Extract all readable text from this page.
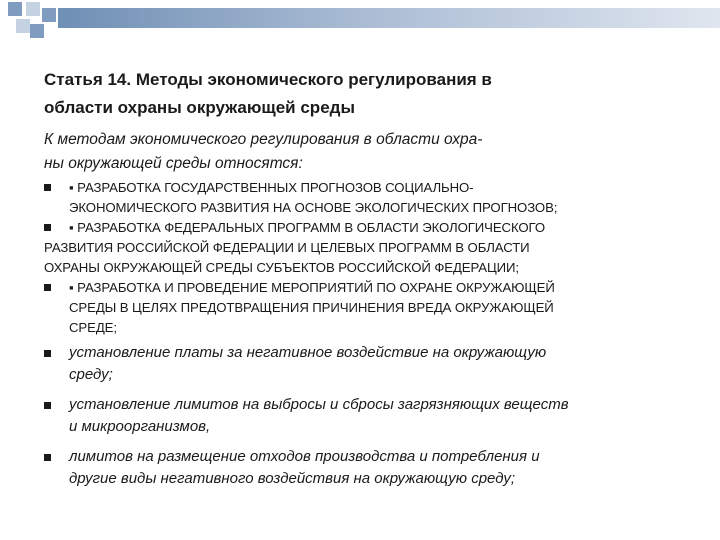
Статья 14. Методы экономического регулирования в
области охраны окружающей среды
К методам экономического регулирования в области охра-
ны окружающей среды относятся:
▪ РАЗРАБОТКА ГОСУДАРСТВЕННЫХ ПРОГНОЗОВ СОЦИАЛЬНО-
ЭКОНОМИЧЕСКОГО РАЗВИТИЯ НА ОСНОВЕ ЭКОЛОГИЧЕСКИХ ПРОГНОЗОВ;
▪ РАЗРАБОТКА ФЕДЕРАЛЬНЫХ ПРОГРАММ В ОБЛАСТИ ЭКОЛОГИЧЕСКОГО
РАЗВИТИЯ РОССИЙСКОЙ ФЕДЕРАЦИИ И ЦЕЛЕВЫХ ПРОГРАММ В ОБЛАСТИ
ОХРАНЫ ОКРУЖАЮЩЕЙ СРЕДЫ СУБЪЕКТОВ РОССИЙСКОЙ ФЕДЕРАЦИИ;
▪ РАЗРАБОТКА И ПРОВЕДЕНИЕ МЕРОПРИЯТИЙ ПО ОХРАНЕ ОКРУЖАЮЩЕЙ
СРЕДЫ В ЦЕЛЯХ ПРЕДОТВРАЩЕНИЯ ПРИЧИНЕНИЯ ВРЕДА ОКРУЖАЮЩЕЙ
СРЕДЕ;
установление платы за негативное воздействие на окружающую
среду;
установление лимитов на выбросы и сбросы загрязняющих веществ
и микроорганизмов,
лимитов на размещение отходов производства и потребления и
другие виды негативного воздействия на окружающую среду;
